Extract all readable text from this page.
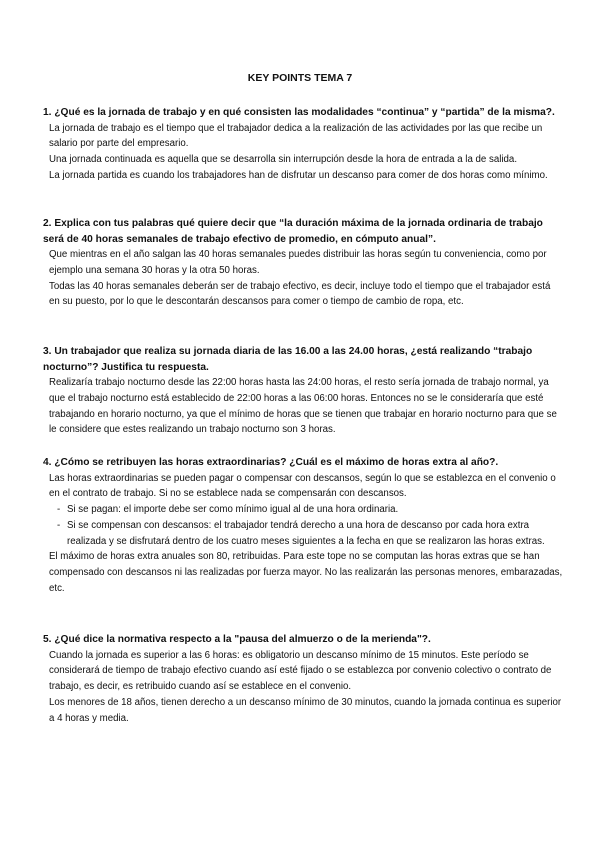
KEY POINTS TEMA 7

1. ¿Qué es la jornada de trabajo y en qué consisten las modalidades “continua” y “partida” de la misma?.

La jornada de trabajo es el tiempo que el trabajador dedica a la realización de las actividades por las que recibe un salario por parte del empresario.

Una jornada continuada es aquella que se desarrolla sin interrupción desde la hora de entrada a la de salida.

La jornada partida es cuando los trabajadores han de disfrutar un descanso para comer de dos horas como mínimo.

2. Explica con tus palabras qué quiere decir que “la duración máxima de la jornada ordinaria de trabajo será de 40 horas semanales de trabajo efectivo de promedio, en cómputo anual”.

Que mientras en el año salgan las 40 horas semanales puedes distribuir las horas según tu conveniencia, como por ejemplo una semana 30 horas y la otra 50 horas.

Todas las 40 horas semanales deberán ser de trabajo efectivo, es decir, incluye todo el tiempo que el trabajador está en su puesto, por lo que le descontarán descansos para comer o tiempo de cambio de ropa, etc.

3. Un trabajador que realiza su jornada diaria de las 16.00 a las 24.00 horas, ¿está realizando “trabajo nocturno”? Justifica tu respuesta.

Realizaría trabajo nocturno desde las 22:00 horas hasta las 24:00 horas, el resto sería jornada de trabajo normal, ya que el trabajo nocturno está establecido de 22:00 horas a las 06:00 horas. Entonces no se le consideraría que esté trabajando en horario nocturno, ya que el mínimo de horas que se tienen que trabajar en horario nocturno para que se le considere que estes realizando un trabajo nocturno son 3 horas.

4. ¿Cómo se retribuyen las horas extraordinarias? ¿Cuál es el máximo de horas extra al año?.

Las horas extraordinarias se pueden pagar o compensar con descansos, según lo que se establezca en el convenio o en el contrato de trabajo. Si no se establece nada se compensarán con descansos.

- Si se pagan: el importe debe ser como mínimo igual al de una hora ordinaria.
- Si se compensan con descansos: el trabajador tendrá derecho a una hora de descanso por cada hora extra realizada y se disfrutará dentro de los cuatro meses siguientes a la fecha en que se realizaron las horas extras.

El máximo de horas extra anuales son 80, retribuidas. Para este tope no se computan las horas extras que se han compensado con descansos ni las realizadas por fuerza mayor. No las realizarán las personas menores, embarazadas, etc.

5. ¿Qué dice la normativa respecto a la "pausa del almuerzo o de la merienda"?.

Cuando la jornada es superior a las 6 horas: es obligatorio un descanso mínimo de 15 minutos. Este período se considerará de tiempo de trabajo efectivo cuando así esté fijado o se establezca por convenio colectivo o contrato de trabajo, es decir, es retribuido cuando así se establece en el convenio.

Los menores de 18 años, tienen derecho a un descanso mínimo de 30 minutos, cuando la jornada continua es superior a 4 horas y media.
